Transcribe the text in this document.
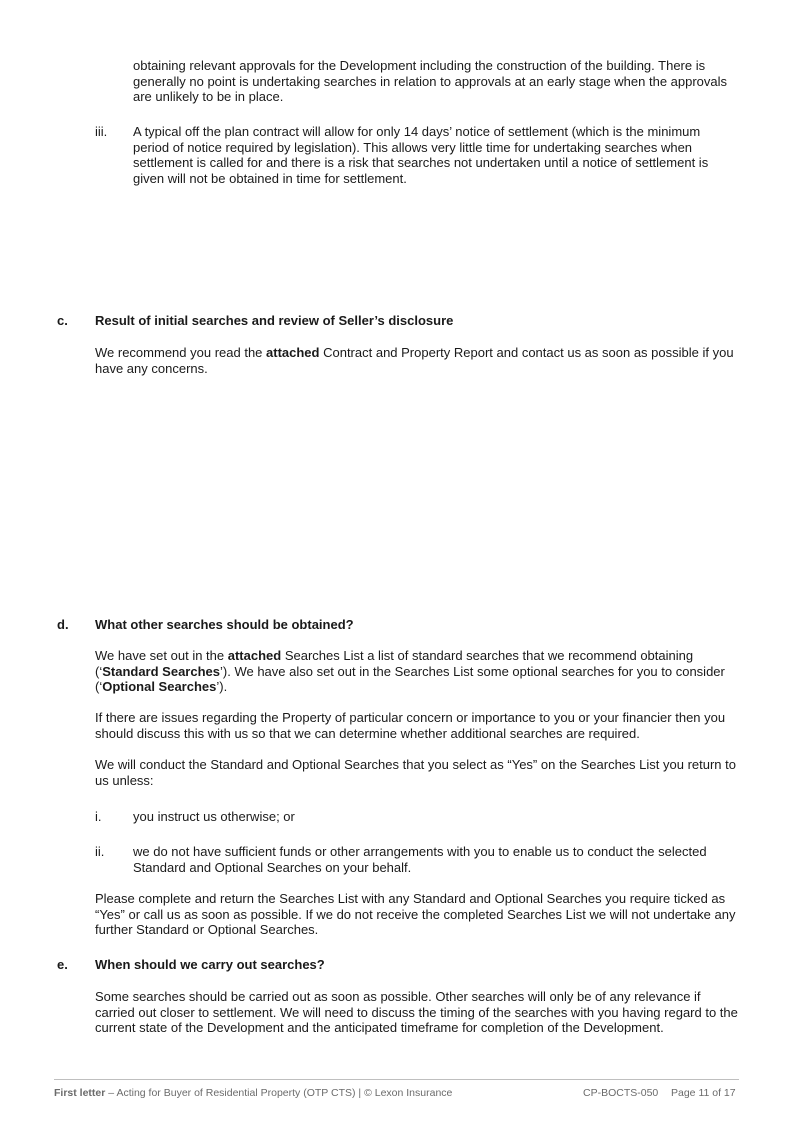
obtaining relevant approvals for the Development including the construction of the building. There is generally no point is undertaking searches in relation to approvals at an early stage when the approvals are unlikely to be in place.

iii. A typical off the plan contract will allow for only 14 days’ notice of settlement (which is the minimum period of notice required by legislation). This allows very little time for undertaking searches when settlement is called for and there is a risk that searches not undertaken until a notice of settlement is given will not be obtained in time for settlement.

c. Result of initial searches and review of Seller’s disclosure

We recommend you read the attached Contract and Property Report and contact us as soon as possible if you have any concerns.

d. What other searches should be obtained?

We have set out in the attached Searches List a list of standard searches that we recommend obtaining (‘Standard Searches’). We have also set out in the Searches List some optional searches for you to consider (‘Optional Searches’).

If there are issues regarding the Property of particular concern or importance to you or your financier then you should discuss this with us so that we can determine whether additional searches are required.

We will conduct the Standard and Optional Searches that you select as “Yes” on the Searches List you return to us unless:

i. you instruct us otherwise; or

ii. we do not have sufficient funds or other arrangements with you to enable us to conduct the selected Standard and Optional Searches on your behalf.

Please complete and return the Searches List with any Standard and Optional Searches you require ticked as “Yes” or call us as soon as possible. If we do not receive the completed Searches List we will not undertake any further Standard or Optional Searches.

e. When should we carry out searches?

Some searches should be carried out as soon as possible. Other searches will only be of any relevance if carried out closer to settlement. We will need to discuss the timing of the searches with you having regard to the current state of the Development and the anticipated timeframe for completion of the Development.

First letter – Acting for Buyer of Residential Property (OTP CTS) | © Lexon Insurance	CP-BOCTS-050 Page 11 of 17
